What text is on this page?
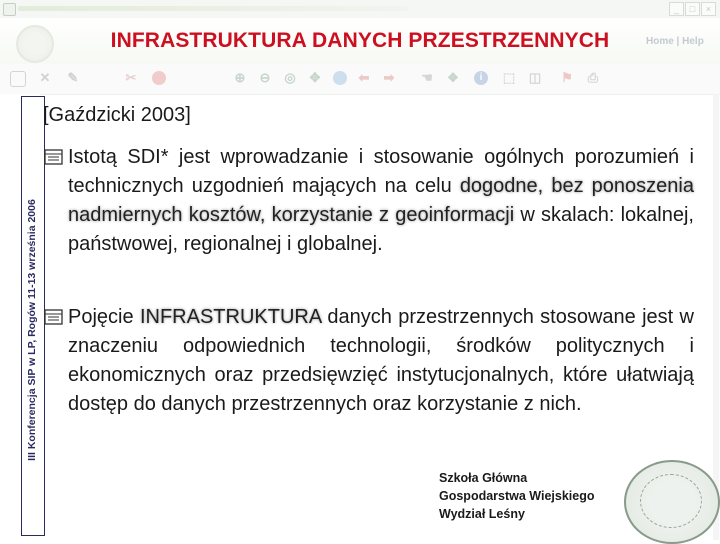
_	□	×
INFRASTRUKTURA DANYCH PRZESTRZENNYCH	Home | Help
✕ ✎	✂	⊕ ⊖ ◎ ✥	⬅ ➡ ☚ ❖	i	⬚ ◫ ⚑ ⎙
III Konferencja SIP w LP, Rogów 11-13 września 2006
[Gaździcki 2003]

Istotą SDI* jest wprowadzanie i stosowanie ogólnych porozumień i technicznych uzgodnień mających na celu dogodne, bez ponoszenia nadmiernych kosztów, korzystanie z geoinformacji w skalach: lokalnej, państwowej, regionalnej i globalnej.

Pojęcie INFRASTRUKTURA danych przestrzennych stosowane jest w znaczeniu odpowiednich technologii, środków politycznych i ekonomicznych oraz przedsięwzięć instytucjonalnych, które ułatwiają dostęp do danych przestrzennych oraz korzystanie z nich.

Szkoła Główna
Gospodarstwa Wiejskiego
Wydział Leśny
